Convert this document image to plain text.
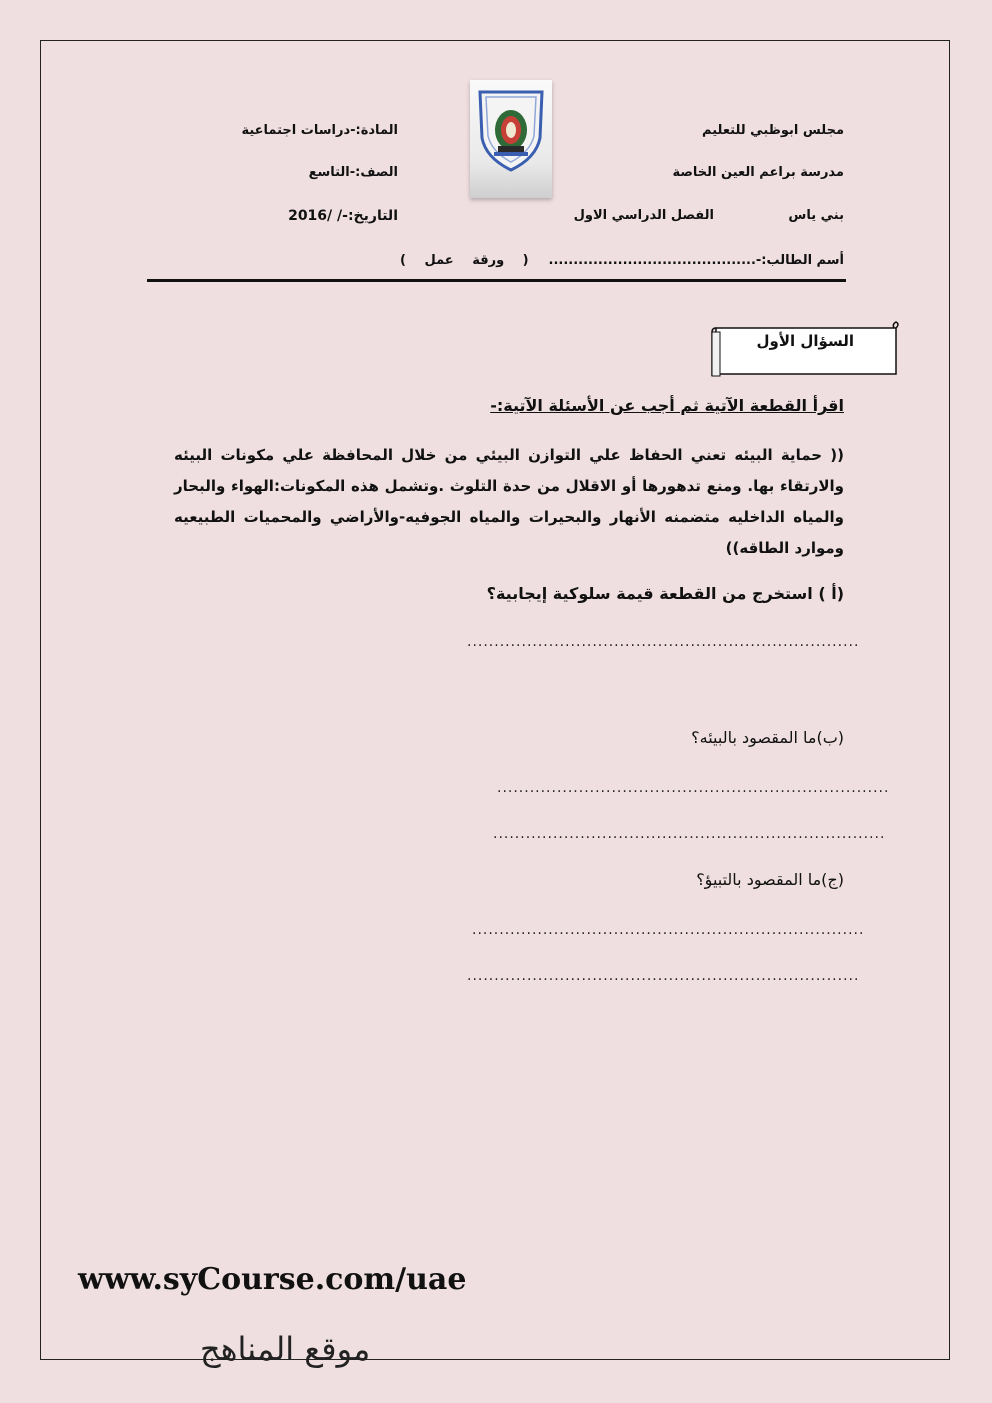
مجلس ابوظبي للتعليم
مدرسة براعم العين الخاصة
بني ياس
الفصل الدراسي الاول
أسم الطالب:-..........................................
( ورقة عمل )
المادة:-دراسات اجتماعية
الصف:-التاسع
التاريخ:-/ /2016
السؤال الأول
اقرأ القطعة الآتية ثم أجب عن الأسئلة الآتية:-
(( حماية البيئه تعني الحفاظ علي التوازن البيئي من خلال المحافظة علي مكونات البيئه والارتقاء بها. ومنع تدهورها أو الاقلال من حدة التلوث .وتشمل هذه المكونات:الهواء والبحار والمياه الداخليه متضمنه الأنهار والبحيرات والمياه الجوفيه-والأراضي والمحميات الطبيعيه وموارد الطاقه))
(أ ) استخرج من القطعة قيمة سلوكية إيجابية؟
........................................................................
(ب)ما المقصود بالبيئه؟
........................................................................
........................................................................
(ج)ما المقصود بالتبيؤ؟
........................................................................
........................................................................
www.syCourse.com/uae
موقع المناهج
